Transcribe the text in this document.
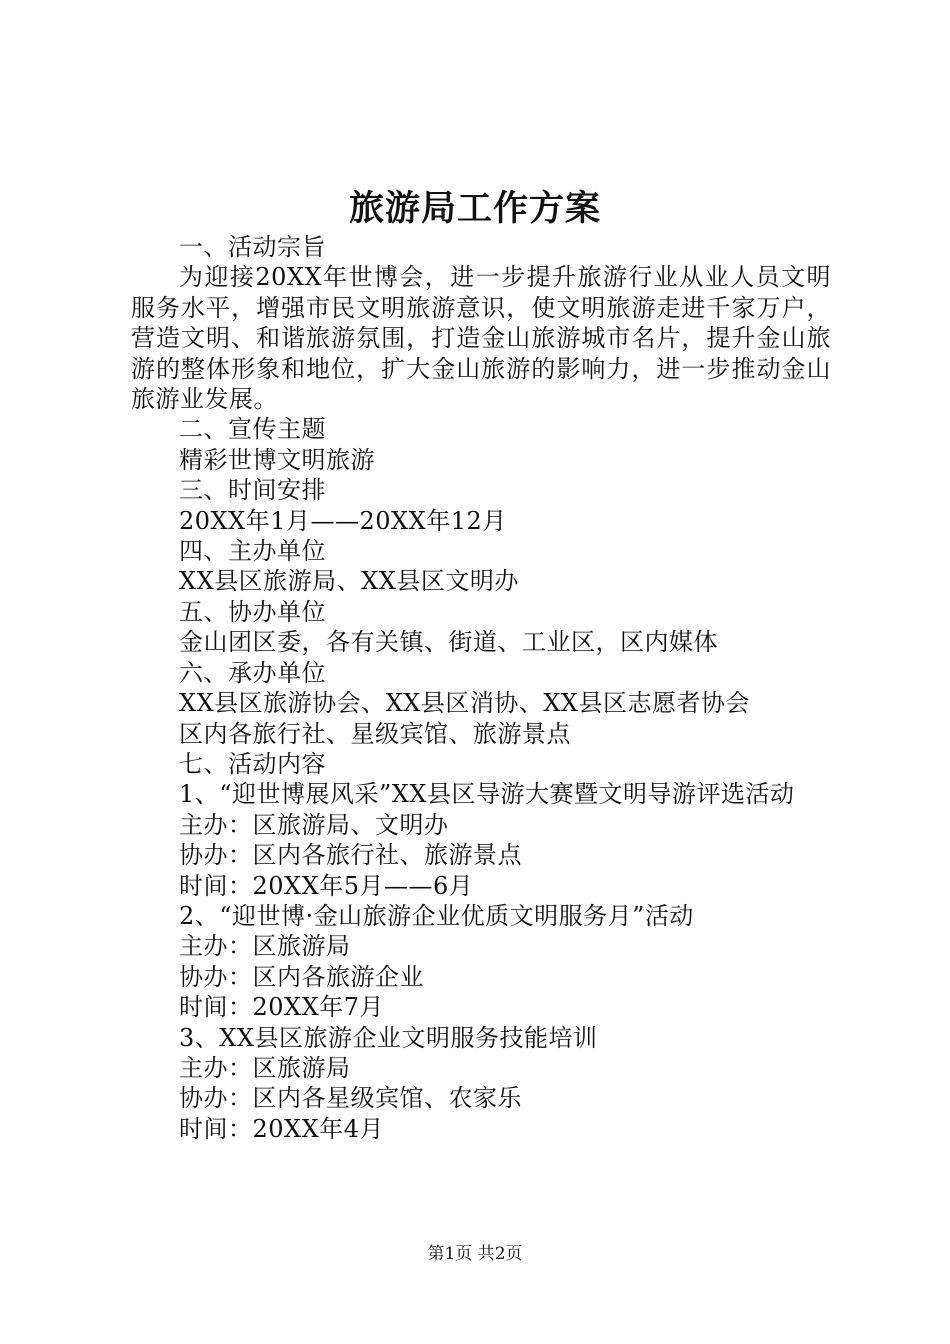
旅游局工作方案
一、活动宗旨
为迎接20XX年世博会，进一步提升旅游行业从业人员文明服务水平，增强市民文明旅游意识，使文明旅游走进千家万户，营造文明、和谐旅游氛围，打造金山旅游城市名片，提升金山旅游的整体形象和地位，扩大金山旅游的影响力，进一步推动金山旅游业发展。
二、宣传主题
精彩世博文明旅游
三、时间安排
20XX年1月——20XX年12月
四、主办单位
XX县区旅游局、XX县区文明办
五、协办单位
金山团区委，各有关镇、街道、工业区，区内媒体
六、承办单位
XX县区旅游协会、XX县区消协、XX县区志愿者协会
区内各旅行社、星级宾馆、旅游景点
七、活动内容
1、“迎世博展风采”XX县区导游大赛暨文明导游评选活动
主办：区旅游局、文明办
协办：区内各旅行社、旅游景点
时间：20XX年5月——6月
2、“迎世博·金山旅游企业优质文明服务月”活动
主办：区旅游局
协办：区内各旅游企业
时间：20XX年7月
3、XX县区旅游企业文明服务技能培训
主办：区旅游局
协办：区内各星级宾馆、农家乐
时间：20XX年4月
第1页 共2页
